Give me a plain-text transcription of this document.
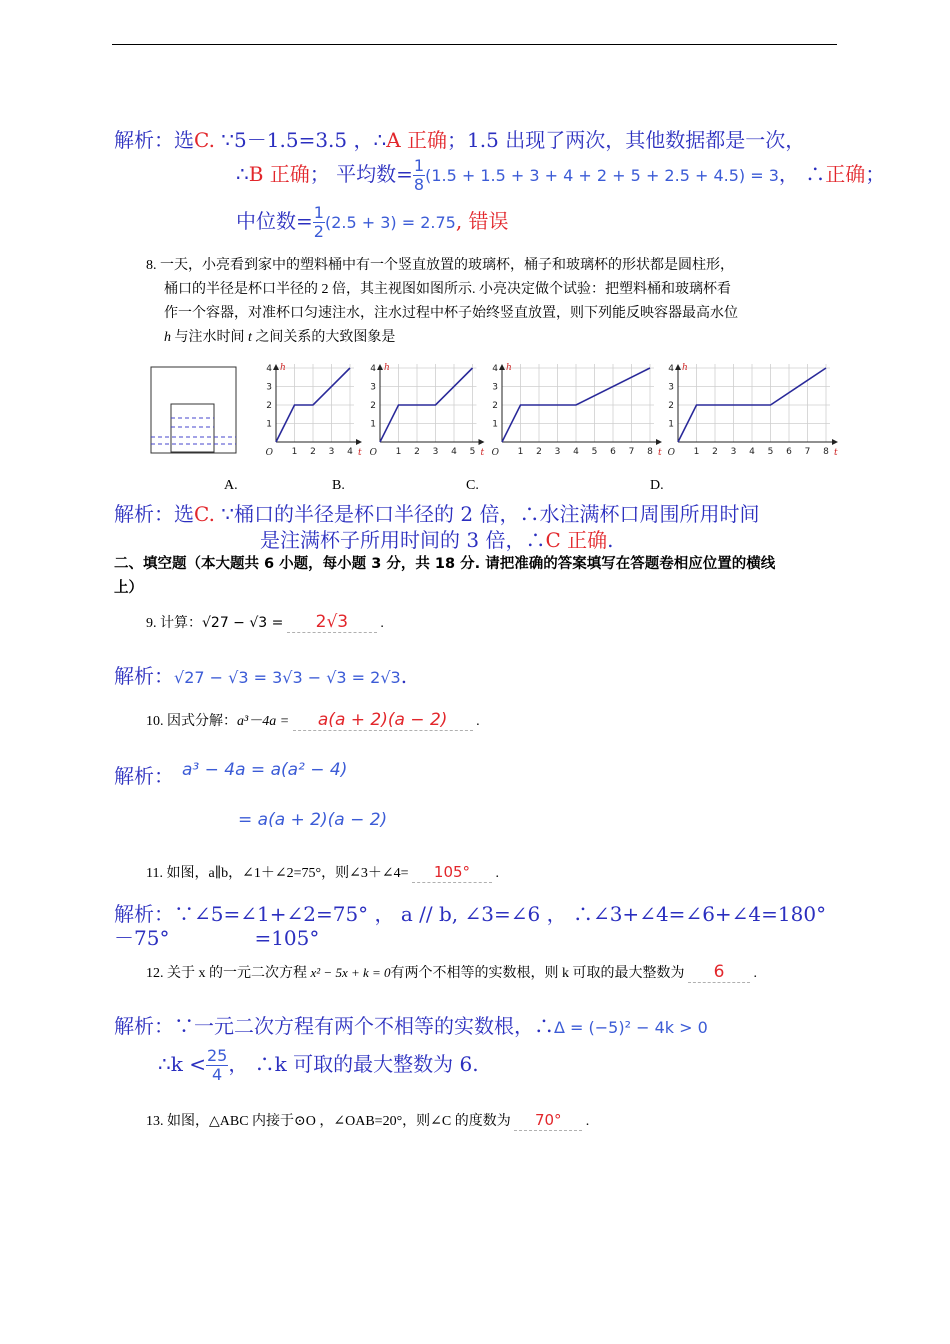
解析：选C. ∵5－1.5=3.5 ，∴A 正确；1.5 出现了两次，其他数据都是一次，
∴B 正确； 平均数= $\frac{1}{8} (1.5 + 1.5 + 3 + 4 + 2 + 5 + 2.5 + 4.5) = 3$， ∴正确；
中位数= $\frac{1}{2} (2.5 + 3) = 2.75$, 错误
8. 一天，小亮看到家中的塑料桶中有一个竖直放置的玻璃杯，桶子和玻璃杯的形状都是圆柱形，
桶口的半径是杯口半径的 2 倍，其主视图如图所示. 小亮决定做个试验：把塑料桶和玻璃杯看
作一个容器，对准杯口匀速注水，注水过程中杯子始终竖直放置，则下列能反映容器最高水位
h 与注水时间 t 之间关系的大致图象是
1 2 3 4
1
2
3
4
O	t
h
1 2 3 4 5
1
2
3
4
O	t
h
1 2 3 4 5 6 7 8
1
2
3
4
O	t
h
1 2 3 4 5 6 7 8
1
2
3
4
O	t
h
A.	B.	C.	D.
解析：选C. ∵桶口的半径是杯口半径的 2 倍，∴水注满杯口周围所用时间
是注满杯子所用时间的 3 倍，∴C 正确.
二、填空题（本大题共 6 小题，每小题 3 分，共 18 分. 请把准确的答案填写在答题卷相应位置的横线
上）
9. 计算：√27 − √3 = 2√3 .
解析：√27 − √3 = 3√3 − √3 = 2√3.
10. 因式分解：a³－4a = a(a + 2)(a − 2) .
解析： a³ − 4a = a(a² − 4)
= a(a + 2)(a − 2)
11. 如图，a∥b，∠1＋∠2=75°，则∠3＋∠4= 105° .
解析：∵∠5=∠1+∠2=75° ， a // b, ∠3=∠6 ， ∴∠3+∠4=∠6+∠4=180°
－75°	=105°
12. 关于 x 的一元二次方程 x² − 5x + k = 0有两个不相等的实数根，则 k 可取的最大整数为 6 .
解析：∵一元二次方程有两个不相等的实数根，∴Δ = (−5)² − 4k > 0
∴k < $\frac{25}{4}$ ， ∴k 可取的最大整数为 6.
13. 如图，△ABC 内接于⊙O ，∠OAB=20°，则∠C 的度数为 70° .
